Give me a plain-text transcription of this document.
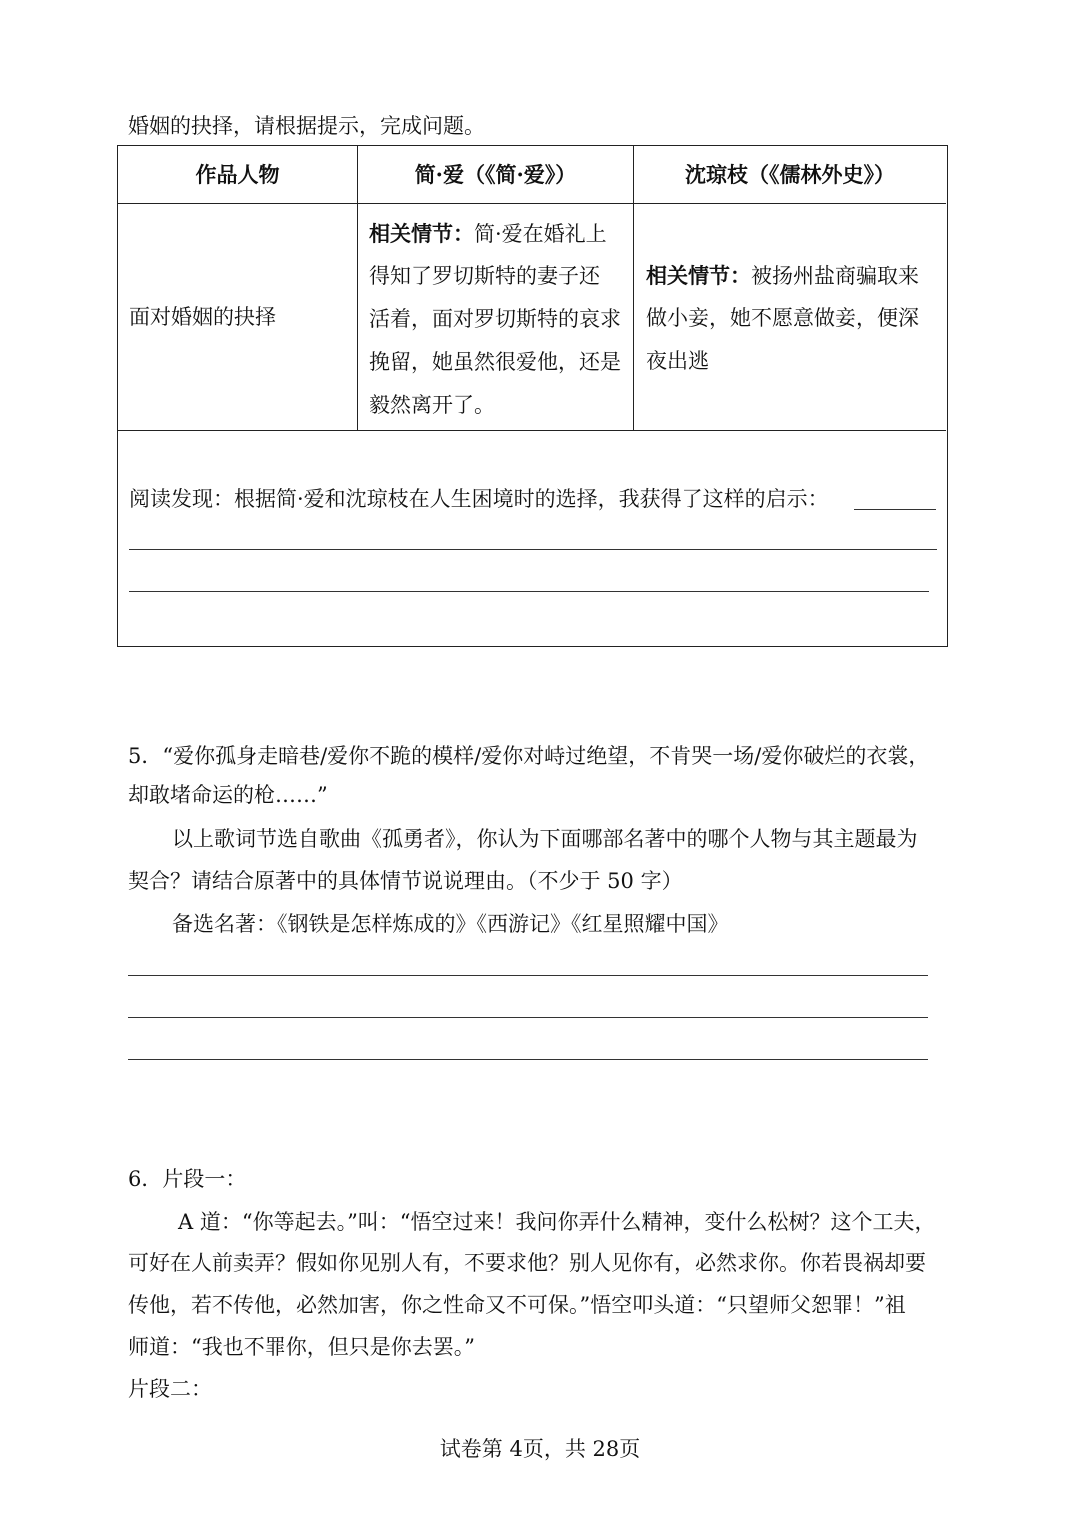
婚姻的抉择，请根据提示，完成问题。
作品人物	简·爱（《简·爱》）	沈琼枝（《儒林外史》）
面对婚姻的抉择
相关情节：简·爱在婚礼上
得知了罗切斯特的妻子还
活着，面对罗切斯特的哀求
挽留，她虽然很爱他，还是
毅然离开了。
相关情节：被扬州盐商骗取来
做小妾，她不愿意做妾，便深
夜出逃
阅读发现：根据简·爱和沈琼枝在人生困境时的选择，我获得了这样的启示：
5．“爱你孤身走暗巷/爱你不跪的模样/爱你对峙过绝望，不肯哭一场/爱你破烂的衣裳，
却敢堵命运的枪……”
以上歌词节选自歌曲《孤勇者》，你认为下面哪部名著中的哪个人物与其主题最为
契合？请结合原著中的具体情节说说理由。（不少于 50 字）
备选名著：《钢铁是怎样炼成的》《西游记》《红星照耀中国》
6．片段一：
A 道：“你等起去。”叫：“悟空过来！我问你弄什么精神，变什么松树？这个工夫，
可好在人前卖弄？假如你见别人有，不要求他？别人见你有，必然求你。你若畏祸却要
传他，若不传他，必然加害，你之性命又不可保。”悟空叩头道：“只望师父恕罪！”祖
师道：“我也不罪你，但只是你去罢。”
片段二：
试卷第 4页，共 28页
